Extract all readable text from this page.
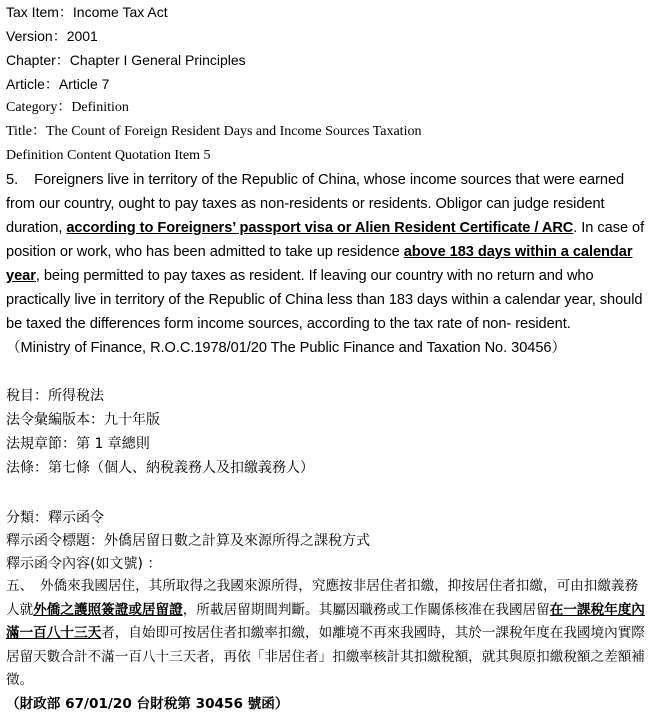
Tax Item：Income Tax Act
Version：2001
Chapter：Chapter I General Principles
Article：Article 7
Category：Definition
Title：The Count of Foreign Resident Days and Income Sources Taxation
Definition Content Quotation Item 5

5.    Foreigners live in territory of the Republic of China, whose income sources that were earned from our country, ought to pay taxes as non-residents or residents. Obligor can judge resident duration, according to Foreigners’ passport visa or Alien Resident Certificate / ARC. In case of position or work, who has been admitted to take up residence above 183 days within a calendar year, being permitted to pay taxes as resident. If leaving our country with no return and who practically live in territory of the Republic of China less than 183 days within a calendar year, should be taxed the differences form income sources, according to the tax rate of non- resident.

（Ministry of Finance, R.O.C.1978/01/20 The Public Finance and Taxation No. 30456）

稅目：所得稅法
法令彙編版本：九十年版
法規章節：第 1 章總則
法條：第七條（個人、納稅義務人及扣繳義務人）
分類：釋示函令
釋示函令標題：外僑居留日數之計算及來源所得之課稅方式
釋示函令內容(如文號) ：

五、　外僑來我國居住，其所取得之我國來源所得，究應按非居住者扣繳，抑按居住者扣繳，可由扣繳義務人就外僑之護照簽證或居留證，所載居留期間判斷。其屬因職務或工作關係核准在我國居留在一課稅年度內滿一百八十三天者，自始即可按居住者扣繳率扣繳，如離境不再來我國時，其於一課稅年度在我國境內實際居留天數合計不滿一百八十三天者，再依「非居住者」扣繳率核計其扣繳稅額，就其與原扣繳稅額之差額補徵。

（財政部 67/01/20 台財稅第 30456 號函）
